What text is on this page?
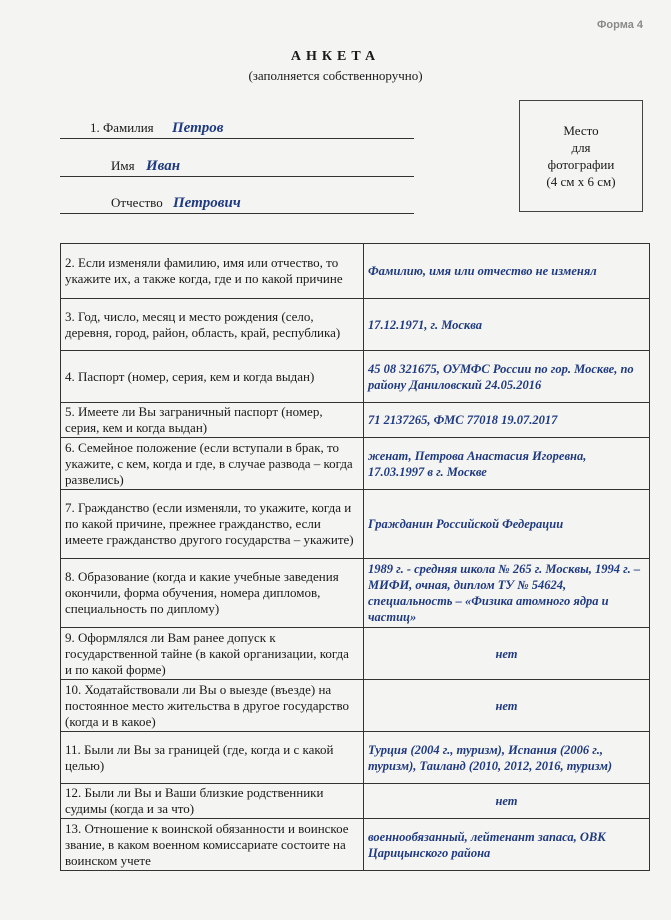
Форма 4
АНКЕТА
(заполняется собственноручно)
1. Фамилия Петров
Имя Иван
Отчество Петрович
Место
для
фотографии
(4 см х 6 см)
2. Если изменяли фамилию, имя или отчество, то укажите их, а также когда, где и по какой причине	Фамилию, имя или отчество не изменял
3. Год, число, месяц и место рождения (село, деревня, город, район, область, край, республика)	17.12.1971, г. Москва
4. Паспорт (номер, серия, кем и когда выдан)	45 08 321675, ОУМФС России по гор. Москве, по району Даниловский 24.05.2016
5. Имеете ли Вы заграничный паспорт (номер, серия, кем и когда выдан)	71 2137265, ФМС 77018 19.07.2017
6. Семейное положение (если вступали в брак, то укажите, с кем, когда и где, в случае развода – когда развелись)	женат, Петрова Анастасия Игоревна, 17.03.1997 в г. Москве
7. Гражданство (если изменяли, то укажите, когда и по какой причине, прежнее гражданство, если имеете гражданство другого государства – укажите)	Гражданин Российской Федерации
8. Образование (когда и какие учебные заведения окончили, форма обучения, номера дипломов, специальность по диплому)	1989 г. - средняя школа № 265 г. Москвы, 1994 г. – МИФИ, очная, диплом ТУ № 54624, специальность – «Физика атомного ядра и частиц»
9. Оформлялся ли Вам ранее допуск к государственной тайне (в какой организации, когда и по какой форме)	нет
10. Ходатайствовали ли Вы о выезде (въезде) на постоянное место жительства в другое государство (когда и в какое)	нет
11. Были ли Вы за границей (где, когда и с какой целью)	Турция (2004 г., туризм), Испания (2006 г., туризм), Таиланд (2010, 2012, 2016, туризм)
12. Были ли Вы и Ваши близкие родственники судимы (когда и за что)	нет
13. Отношение к воинской обязанности и воинское звание, в каком военном комиссариате состоите на воинском учете	военнообязанный, лейтенант запаса, ОВК Царицынского района
